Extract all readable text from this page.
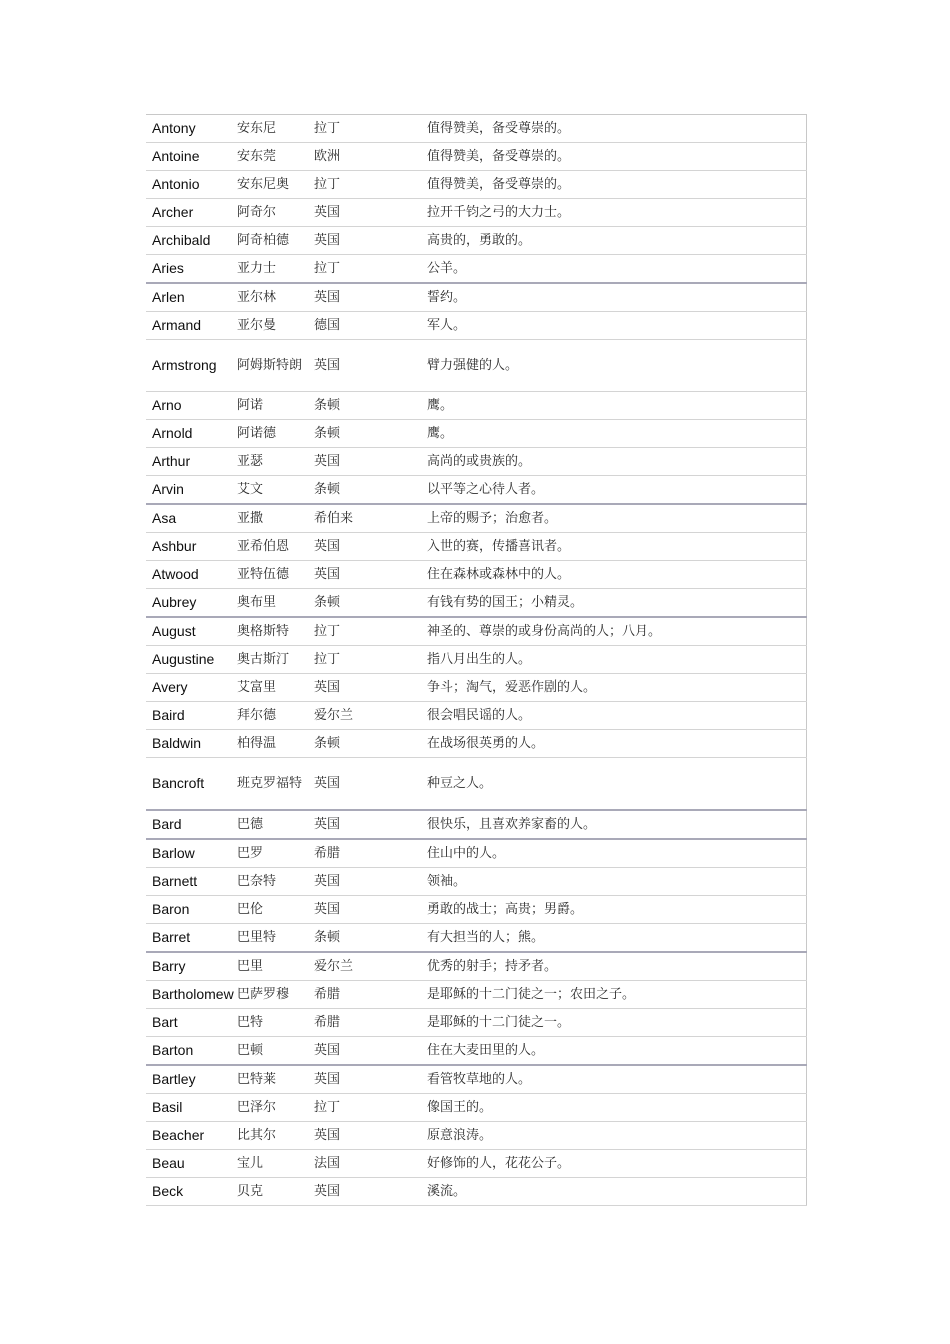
Antony	安东尼	拉丁	值得赞美，备受尊崇的。
Antoine	安东莞	欧洲	值得赞美，备受尊崇的。
Antonio	安东尼奥	拉丁	值得赞美，备受尊崇的。
Archer	阿奇尔	英国	拉开千钧之弓的大力士。
Archibald	阿奇柏德	英国	高贵的，勇敢的。
Aries	亚力士	拉丁	公羊。
Arlen	亚尔林	英国	誓约。
Armand	亚尔曼	德国	军人。
Armstrong	阿姆斯特朗	英国	臂力强健的人。
Arno	阿诺	条顿	鹰。
Arnold	阿诺德	条顿	鹰。
Arthur	亚瑟	英国	高尚的或贵族的。
Arvin	艾文	条顿	以平等之心待人者。
Asa	亚撒	希伯来	上帝的赐予；治愈者。
Ashbur	亚希伯恩	英国	入世的赛，传播喜讯者。
Atwood	亚特伍德	英国	住在森林或森林中的人。
Aubrey	奥布里	条顿	有钱有势的国王；小精灵。
August	奥格斯特	拉丁	神圣的、尊崇的或身份高尚的人；八月。
Augustine	奥古斯汀	拉丁	指八月出生的人。
Avery	艾富里	英国	争斗；淘气，爱恶作剧的人。
Baird	拜尔德	爱尔兰	很会唱民谣的人。
Baldwin	柏得温	条顿	在战场很英勇的人。
Bancroft	班克罗福特	英国	种豆之人。
Bard	巴德	英国	很快乐，且喜欢养家畜的人。
Barlow	巴罗	希腊	住山中的人。
Barnett	巴奈特	英国	领袖。
Baron	巴伦	英国	勇敢的战士；高贵；男爵。
Barret	巴里特	条顿	有大担当的人；熊。
Barry	巴里	爱尔兰	优秀的射手；持矛者。
Bartholomew	巴萨罗穆	希腊	是耶稣的十二门徒之一；农田之子。
Bart	巴特	希腊	是耶稣的十二门徒之一。
Barton	巴顿	英国	住在大麦田里的人。
Bartley	巴特莱	英国	看管牧草地的人。
Basil	巴泽尔	拉丁	像国王的。
Beacher	比其尔	英国	原意浪涛。
Beau	宝儿	法国	好修饰的人，花花公子。
Beck	贝克	英国	溪流。
